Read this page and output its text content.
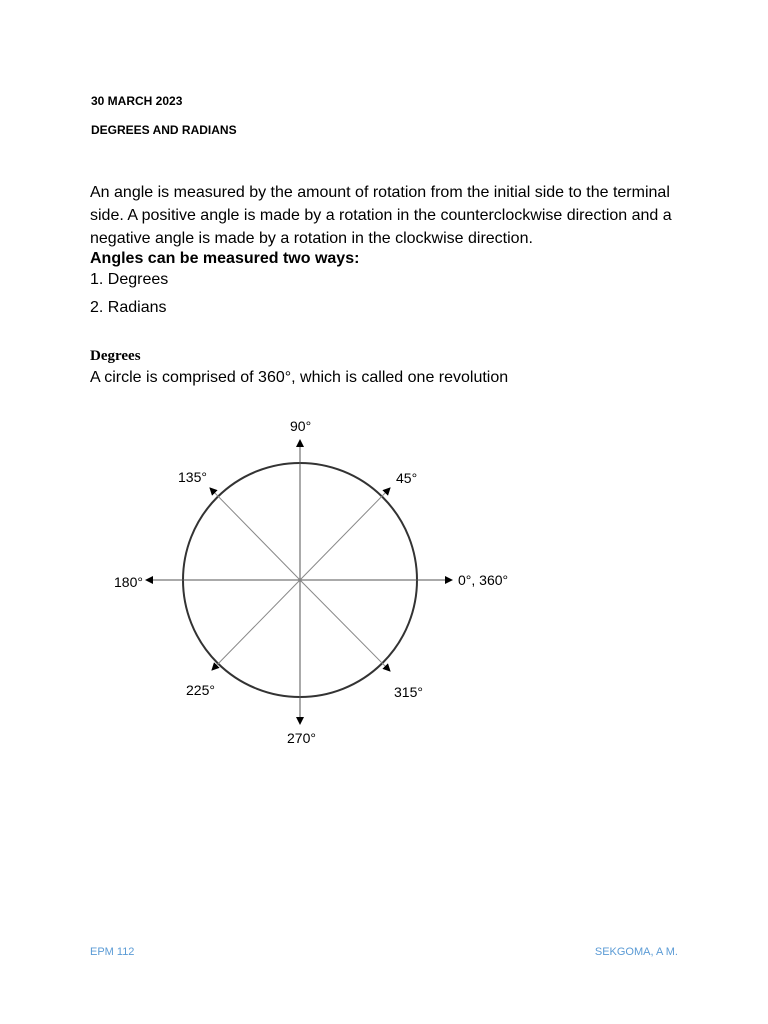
30 MARCH 2023
DEGREES AND RADIANS
An angle is measured by the amount of rotation from the initial side to the terminal side. A positive angle is made by a rotation in the counterclockwise direction and a negative angle is made by a rotation in the clockwise direction.
Angles can be measured two ways:
1. Degrees
2. Radians
Degrees
A circle is comprised of 360°, which is called one revolution
0°, 360°
45°
90°
135°
180°
225°
270°
315°
EPM 112	SEKGOMA, A M.
